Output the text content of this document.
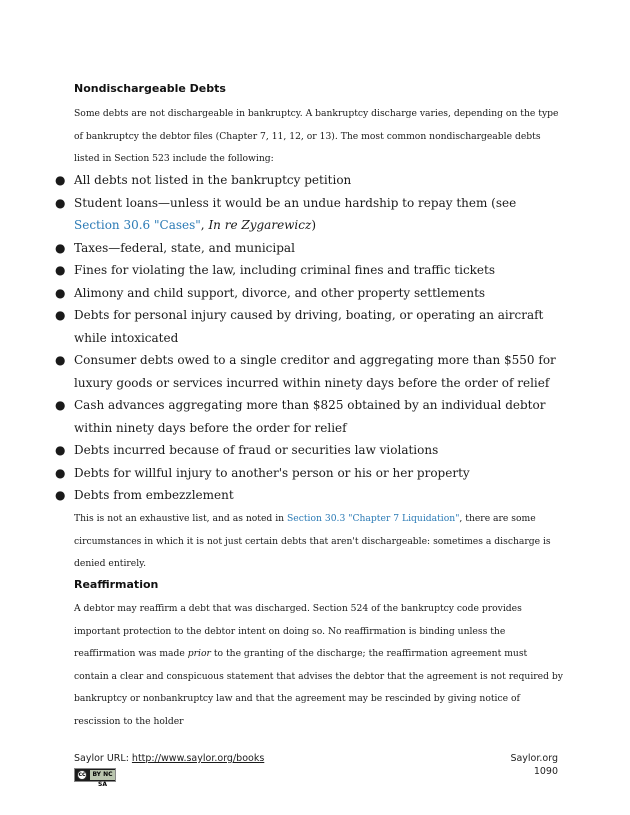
Nondischargeable Debts

Some debts are not dischargeable in bankruptcy. A bankruptcy discharge varies, depending on the type of bankruptcy the debtor files (Chapter 7, 11, 12, or 13). The most common nondischargeable debts listed in Section 523 include the following:

● All debts not listed in the bankruptcy petition
● Student loans—unless it would be an undue hardship to repay them (see Section 30.6 "Cases", In re Zygarewicz)
● Taxes—federal, state, and municipal
● Fines for violating the law, including criminal fines and traffic tickets
● Alimony and child support, divorce, and other property settlements
● Debts for personal injury caused by driving, boating, or operating an aircraft while intoxicated
● Consumer debts owed to a single creditor and aggregating more than $550 for luxury goods or services incurred within ninety days before the order of relief
● Cash advances aggregating more than $825 obtained by an individual debtor within ninety days before the order for relief
● Debts incurred because of fraud or securities law violations
● Debts for willful injury to another's person or his or her property
● Debts from embezzlement

This is not an exhaustive list, and as noted in Section 30.3 "Chapter 7 Liquidation", there are some circumstances in which it is not just certain debts that aren't dischargeable: sometimes a discharge is denied entirely.

Reaffirmation

A debtor may reaffirm a debt that was discharged. Section 524 of the bankruptcy code provides important protection to the debtor intent on doing so. No reaffirmation is binding unless the reaffirmation was made prior to the granting of the discharge; the reaffirmation agreement must contain a clear and conspicuous statement that advises the debtor that the agreement is not required by bankruptcy or nonbankruptcy law and that the agreement may be rescinded by giving notice of rescission to the holder

Saylor URL: http://www.saylor.org/books
cc	BY NC SA
Saylor.org
1090
